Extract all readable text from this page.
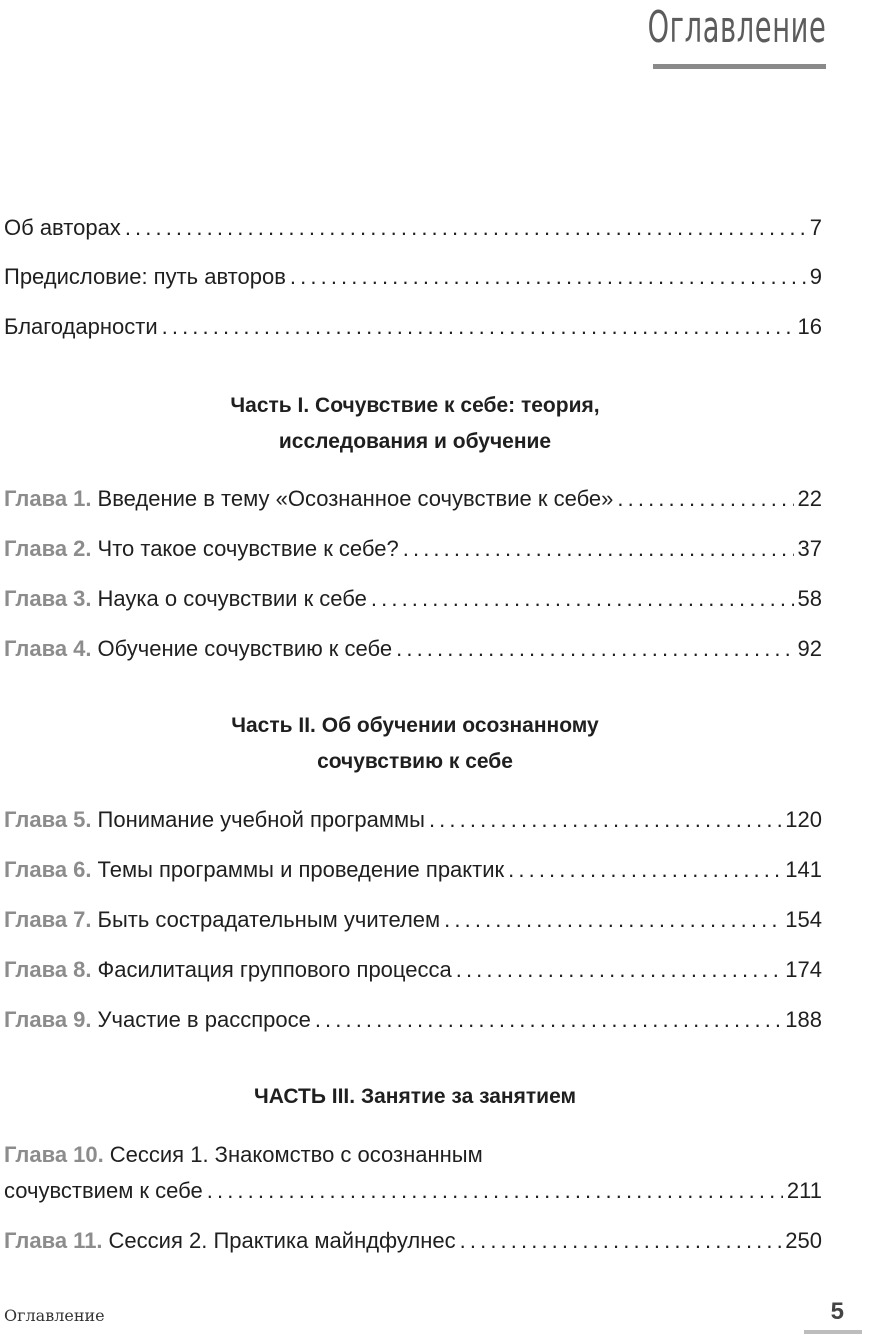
Оглавление
Об авторах . . .	7
Предисловие: путь авторов . . .	9
Благодарности . . .	16
Часть I. Сочувствие к себе: теория,
исследования и обучение
Глава 1. Введение в тему «Осознанное сочувствие к себе» . . .	22
Глава 2. Что такое сочувствие к себе? . . .	37
Глава 3. Наука о сочувствии к себе . . .	58
Глава 4. Обучение сочувствию к себе . . .	92
Часть II. Об обучении осознанному
сочувствию к себе
Глава 5. Понимание учебной программы . . .	120
Глава 6. Темы программы и проведение практик . . .	141
Глава 7. Быть сострадательным учителем . . .	154
Глава 8. Фасилитация группового процесса . . .	174
Глава 9. Участие в расспросе . . .	188
ЧАСТЬ III. Занятие за занятием
Глава 10. Сессия 1. Знакомство с осознанным
сочувствием к себе . . .	211
Глава 11. Сессия 2. Практика майндфулнес . . .	250
Оглавление	5
